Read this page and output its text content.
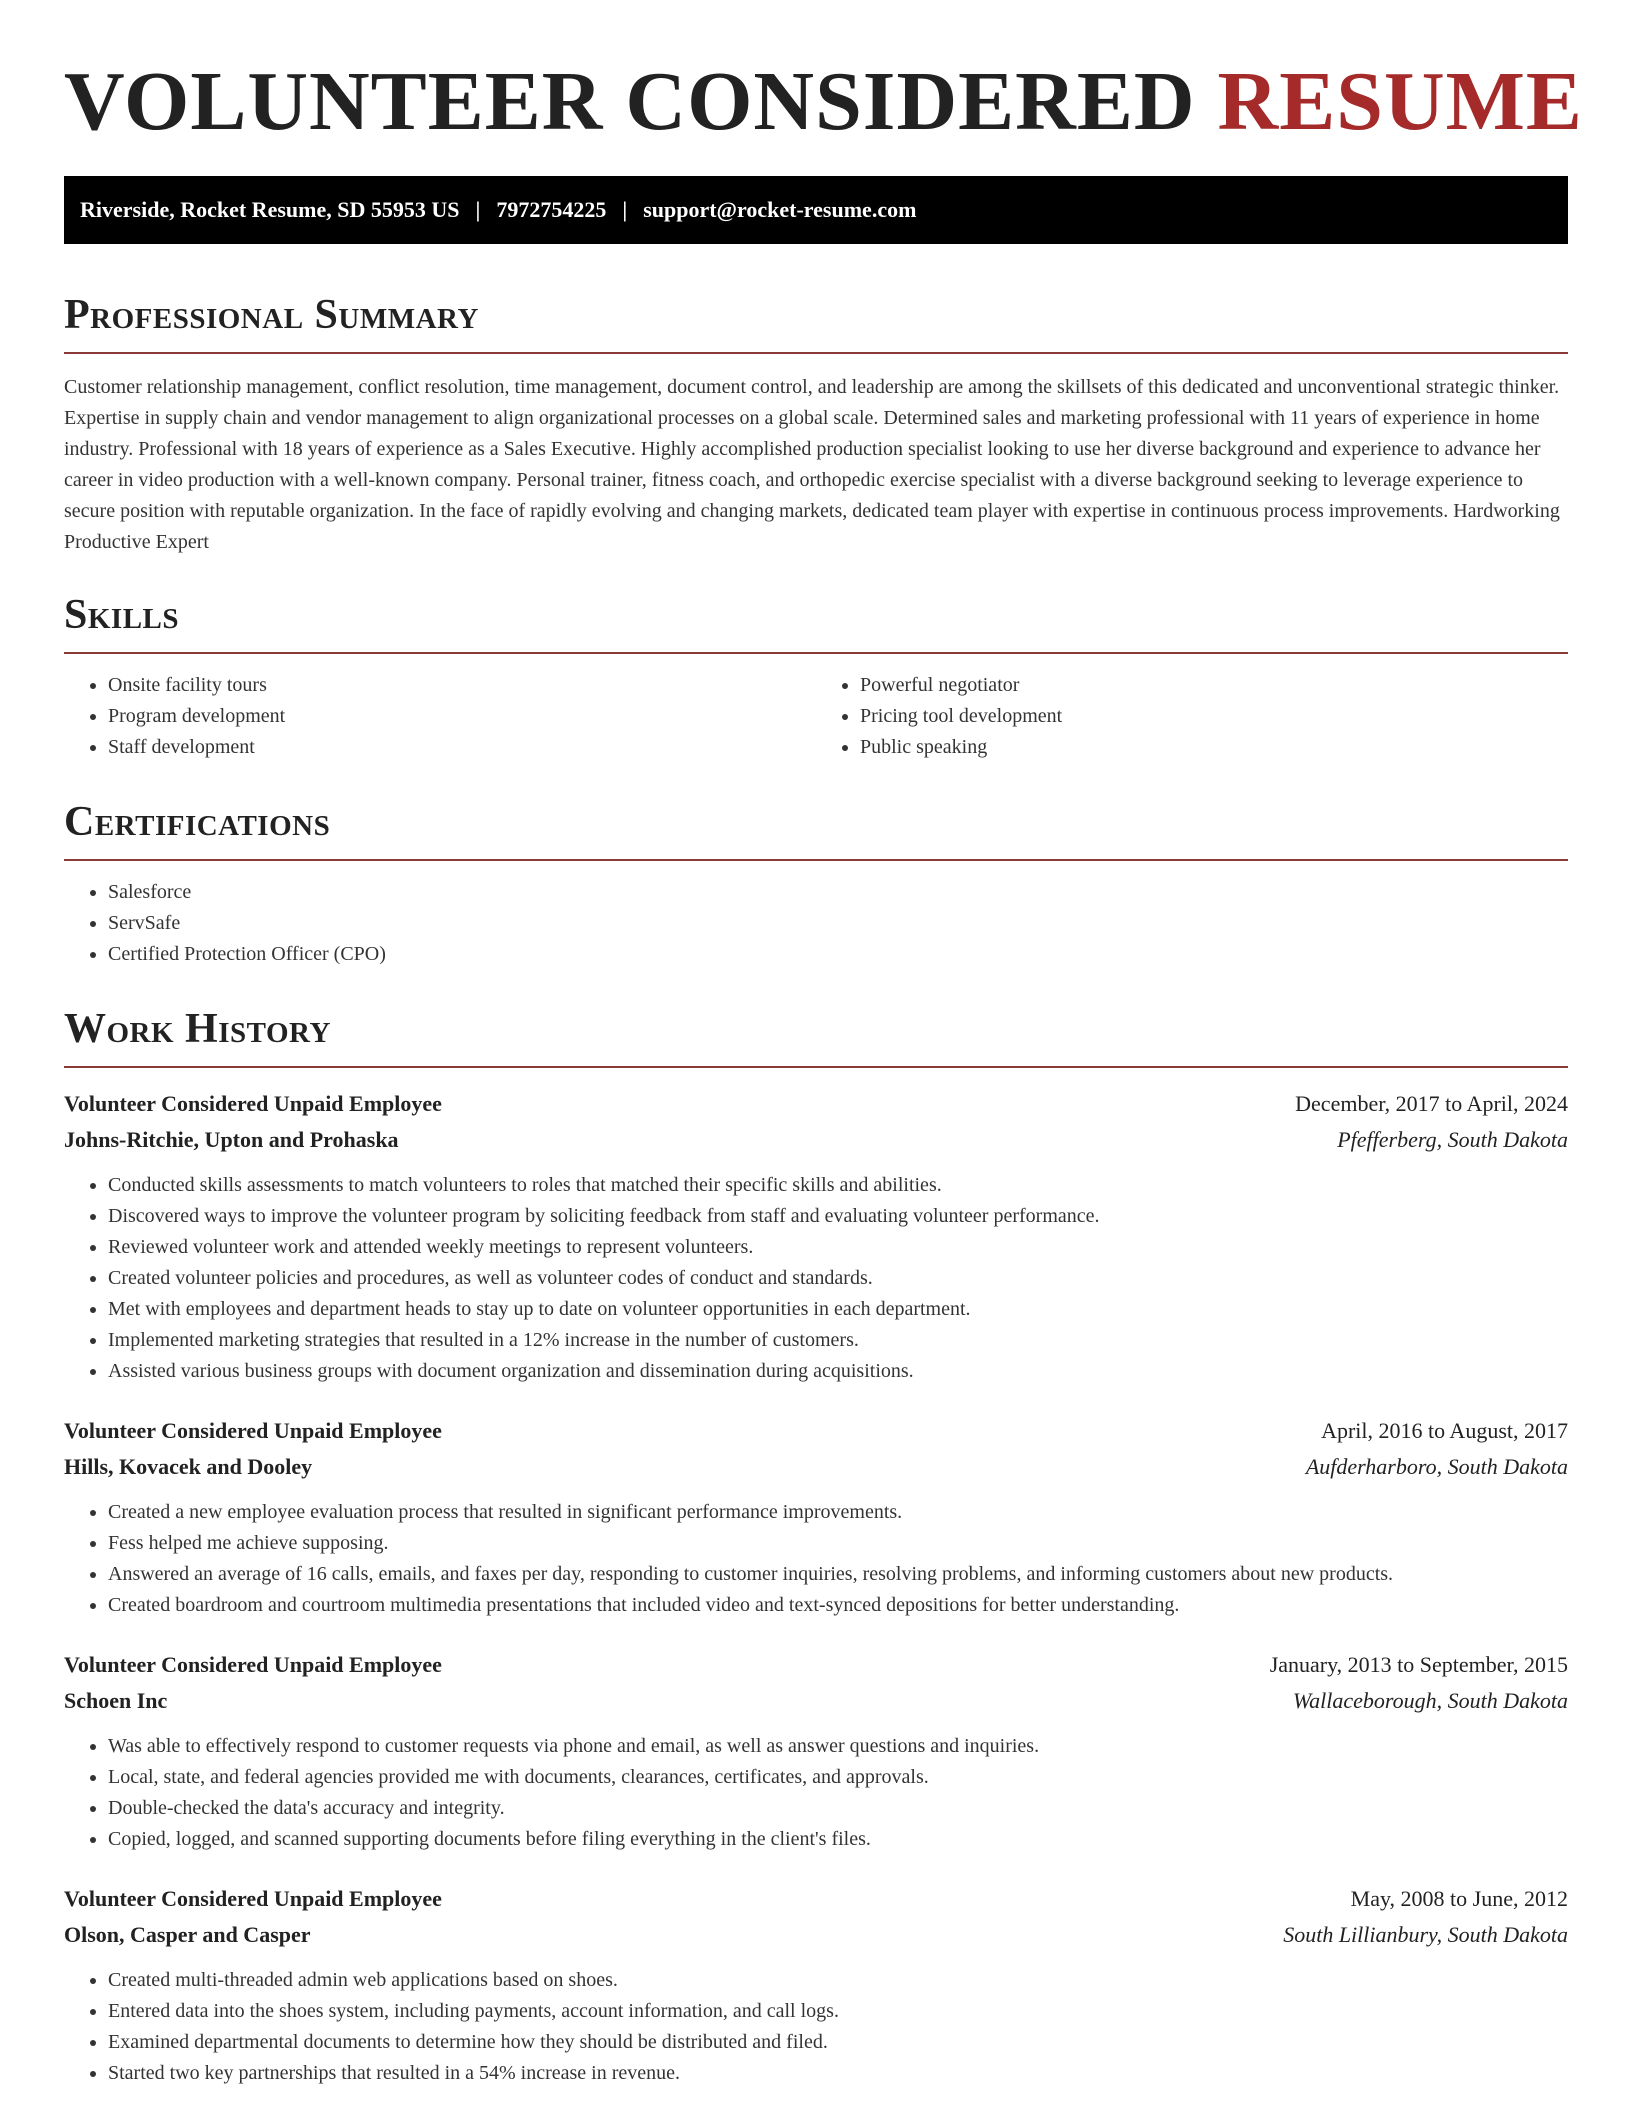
VOLUNTEER CONSIDERED RESUME
Riverside, Rocket Resume, SD 55953 US | 7972754225 | support@rocket-resume.com
Professional Summary

Customer relationship management, conflict resolution, time management, document control, and leadership are among the skillsets of this dedicated and unconventional strategic thinker. Expertise in supply chain and vendor management to align organizational processes on a global scale. Determined sales and marketing professional with 11 years of experience in home industry. Professional with 18 years of experience as a Sales Executive. Highly accomplished production specialist looking to use her diverse background and experience to advance her career in video production with a well-known company. Personal trainer, fitness coach, and orthopedic exercise specialist with a diverse background seeking to leverage experience to secure position with reputable organization. In the face of rapidly evolving and changing markets, dedicated team player with expertise in continuous process improvements. Hardworking Productive Expert

Skills
• Onsite facility tours
• Program development
• Staff development
• Powerful negotiator
• Pricing tool development
• Public speaking
Certifications
• Salesforce
• ServSafe
• Certified Protection Officer (CPO)
Work History
Volunteer Considered Unpaid Employee	December, 2017 to April, 2024
Johns-Ritchie, Upton and Prohaska	Pfefferberg, South Dakota
• Conducted skills assessments to match volunteers to roles that matched their specific skills and abilities.
• Discovered ways to improve the volunteer program by soliciting feedback from staff and evaluating volunteer performance.
• Reviewed volunteer work and attended weekly meetings to represent volunteers.
• Created volunteer policies and procedures, as well as volunteer codes of conduct and standards.
• Met with employees and department heads to stay up to date on volunteer opportunities in each department.
• Implemented marketing strategies that resulted in a 12% increase in the number of customers.
• Assisted various business groups with document organization and dissemination during acquisitions.
Volunteer Considered Unpaid Employee	April, 2016 to August, 2017
Hills, Kovacek and Dooley	Aufderharboro, South Dakota
• Created a new employee evaluation process that resulted in significant performance improvements.
• Fess helped me achieve supposing.
• Answered an average of 16 calls, emails, and faxes per day, responding to customer inquiries, resolving problems, and informing customers about new products.
• Created boardroom and courtroom multimedia presentations that included video and text-synced depositions for better understanding.
Volunteer Considered Unpaid Employee	January, 2013 to September, 2015
Schoen Inc	Wallaceborough, South Dakota
• Was able to effectively respond to customer requests via phone and email, as well as answer questions and inquiries.
• Local, state, and federal agencies provided me with documents, clearances, certificates, and approvals.
• Double-checked the data's accuracy and integrity.
• Copied, logged, and scanned supporting documents before filing everything in the client's files.
Volunteer Considered Unpaid Employee	May, 2008 to June, 2012
Olson, Casper and Casper	South Lillianbury, South Dakota
• Created multi-threaded admin web applications based on shoes.
• Entered data into the shoes system, including payments, account information, and call logs.
• Examined departmental documents to determine how they should be distributed and filed.
• Started two key partnerships that resulted in a 54% increase in revenue.
